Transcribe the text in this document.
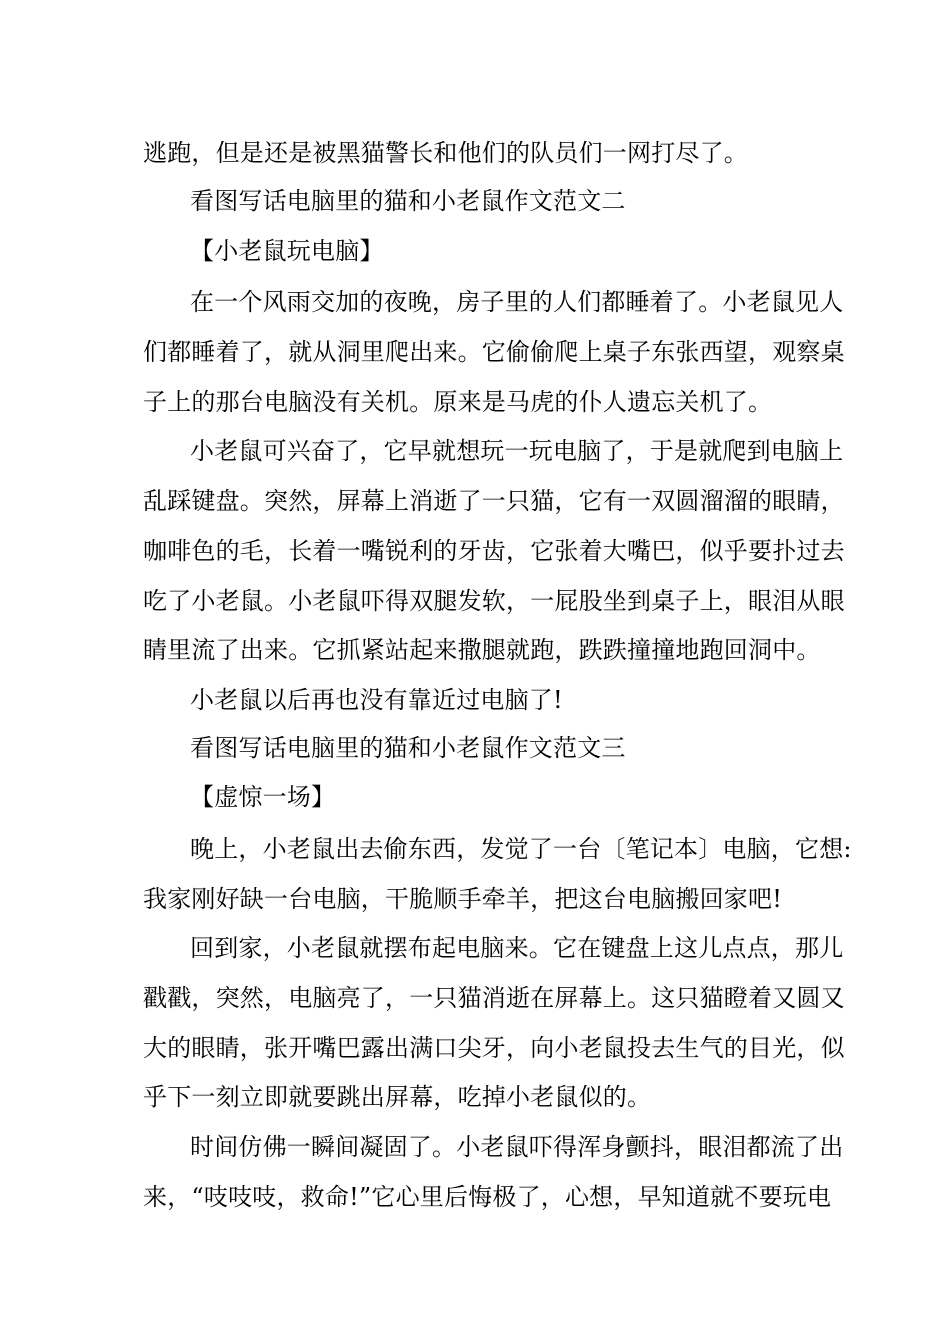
逃跑，但是还是被黑猫警长和他们的队员们一网打尽了。
看图写话电脑里的猫和小老鼠作文范文二
【小老鼠玩电脑】
在一个风雨交加的夜晚，房子里的人们都睡着了。小老鼠见人
们都睡着了，就从洞里爬出来。它偷偷爬上桌子东张西望，观察桌
子上的那台电脑没有关机。原来是马虎的仆人遗忘关机了。
小老鼠可兴奋了，它早就想玩一玩电脑了，于是就爬到电脑上
乱踩键盘。突然，屏幕上消逝了一只猫，它有一双圆溜溜的眼睛，
咖啡色的毛，长着一嘴锐利的牙齿，它张着大嘴巴，似乎要扑过去
吃了小老鼠。小老鼠吓得双腿发软，一屁股坐到桌子上，眼泪从眼
睛里流了出来。它抓紧站起来撒腿就跑，跌跌撞撞地跑回洞中。
小老鼠以后再也没有靠近过电脑了!
看图写话电脑里的猫和小老鼠作文范文三
【虚惊一场】
晚上，小老鼠出去偷东西，发觉了一台〔笔记本〕电脑，它想:
我家刚好缺一台电脑，干脆顺手牵羊，把这台电脑搬回家吧!
回到家，小老鼠就摆布起电脑来。它在键盘上这儿点点，那儿
戳戳，突然，电脑亮了，一只猫消逝在屏幕上。这只猫瞪着又圆又
大的眼睛，张开嘴巴露出满口尖牙，向小老鼠投去生气的目光，似
乎下一刻立即就要跳出屏幕，吃掉小老鼠似的。
时间仿佛一瞬间凝固了。小老鼠吓得浑身颤抖，眼泪都流了出
来，“吱吱吱，救命!”它心里后悔极了，心想，早知道就不要玩电
